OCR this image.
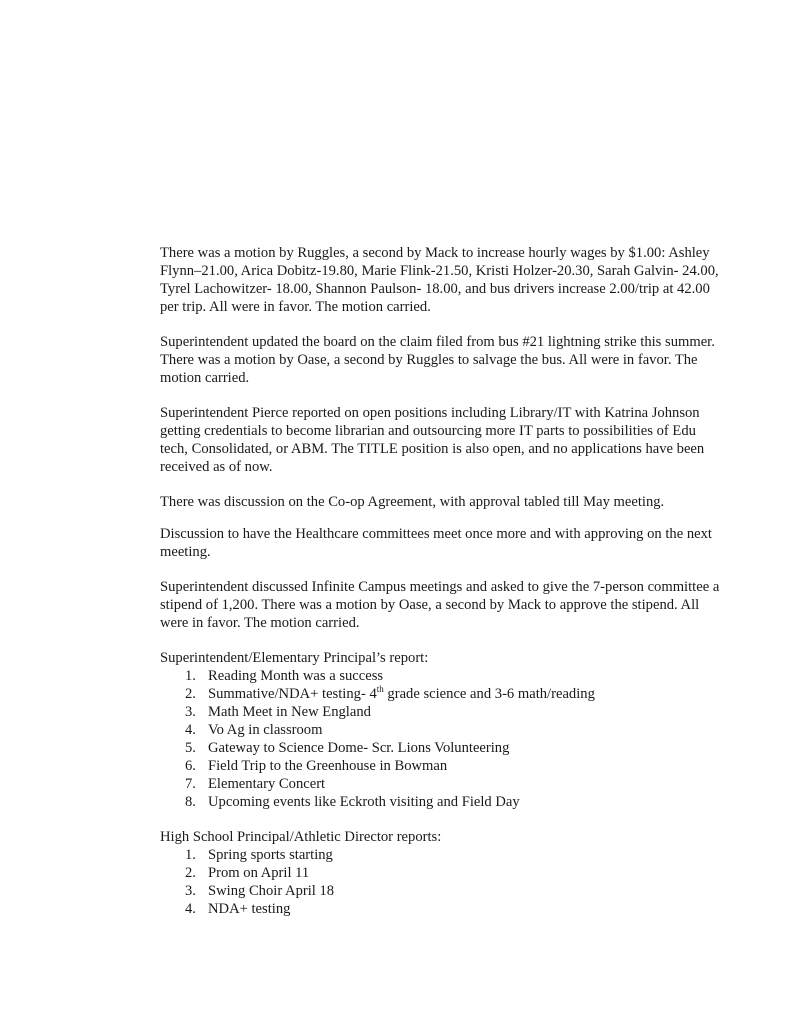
There was a motion by Ruggles, a second by Mack to increase hourly wages by $1.00: Ashley Flynn–21.00, Arica Dobitz-19.80, Marie Flink-21.50, Kristi Holzer-20.30, Sarah Galvin- 24.00, Tyrel Lachowitzer- 18.00, Shannon Paulson- 18.00, and bus drivers increase 2.00/trip at 42.00 per trip. All were in favor. The motion carried.

Superintendent updated the board on the claim filed from bus #21 lightning strike this summer. There was a motion by Oase, a second by Ruggles to salvage the bus. All were in favor. The motion carried.

Superintendent Pierce reported on open positions including Library/IT with Katrina Johnson getting credentials to become librarian and outsourcing more IT parts to possibilities of Edu tech, Consolidated, or ABM. The TITLE position is also open, and no applications have been received as of now.

There was discussion on the Co-op Agreement, with approval tabled till May meeting.

Discussion to have the Healthcare committees meet once more and with approving on the next meeting.

Superintendent discussed Infinite Campus meetings and asked to give the 7-person committee a stipend of 1,200. There was a motion by Oase, a second by Mack to approve the stipend. All were in favor. The motion carried.

Superintendent/Elementary Principal’s report:

1. Reading Month was a success
2. Summative/NDA+ testing- 4th grade science and 3-6 math/reading
3. Math Meet in New England
4. Vo Ag in classroom
5. Gateway to Science Dome- Scr. Lions Volunteering
6. Field Trip to the Greenhouse in Bowman
7. Elementary Concert
8. Upcoming events like Eckroth visiting and Field Day

High School Principal/Athletic Director reports:

1. Spring sports starting
2. Prom on April 11
3. Swing Choir April 18
4. NDA+ testing
